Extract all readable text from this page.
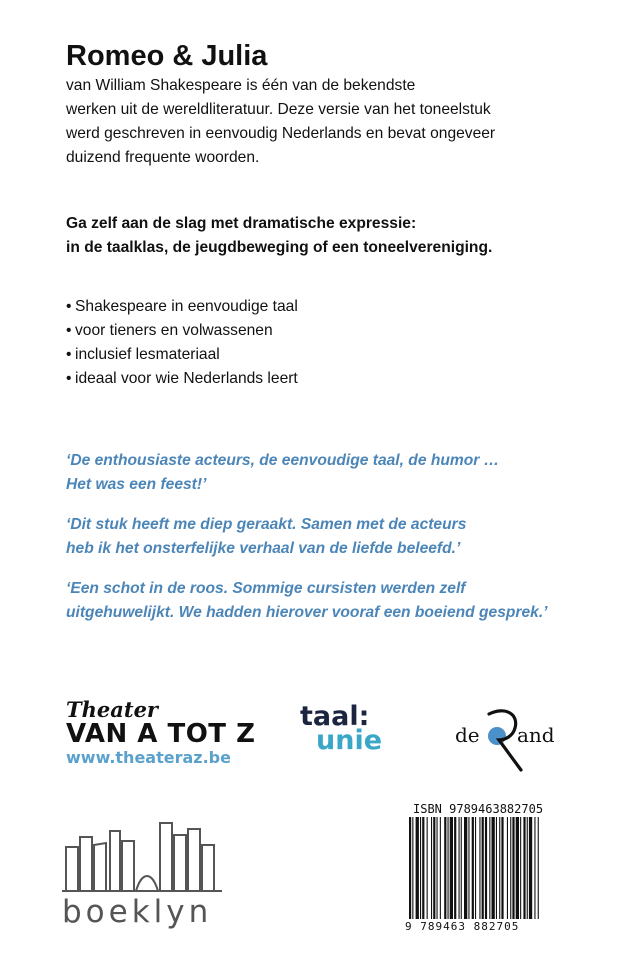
Romeo & Julia

van William Shakespeare is één van de bekendste
werken uit de wereldliteratuur. Deze versie van het toneelstuk
werd geschreven in eenvoudig Nederlands en bevat ongeveer
duizend frequente woorden.

Ga zelf aan de slag met dramatische expressie:
in de taalklas, de jeugdbeweging of een toneelvereniging.

• Shakespeare in eenvoudige taal
• voor tieners en volwassenen
• inclusief lesmateriaal
• ideaal voor wie Nederlands leert

‘De enthousiaste acteurs, de eenvoudige taal, de humor …
Het was een feest!’

‘Dit stuk heeft me diep geraakt. Samen met de acteurs
heb ik het onsterfelijke verhaal van de liefde beleefd.’

‘Een schot in de roos. Sommige cursisten werden zelf
uitgehuwelijkt. We hadden hierover vooraf een boeiend gesprek.’

Theater
VAN A TOT Z
www.theateraz.be
taal:
unie	de and
boeklyn
ISBN 9789463882705
9 789463 882705
